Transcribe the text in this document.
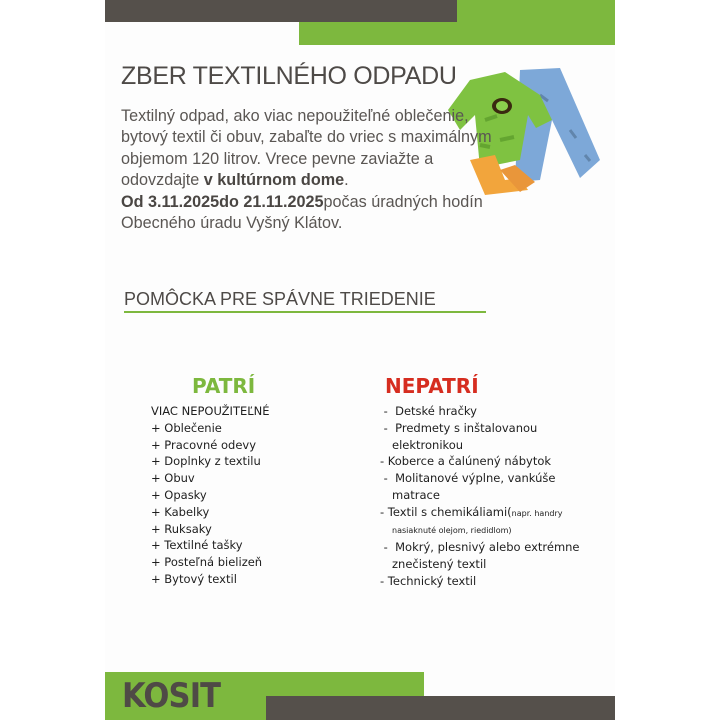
ZBER TEXTILNÉHO ODPADU
Textilný odpad, ako viac nepoužiteľné oblečenie,
bytový textil či obuv, zabaľte do vriec s maximálnym
objemom 120 litrov. Vrece pevne zaviažte a
odovzdajte v kultúrnom dome.
Od 3.11.2025do 21.11.2025počas úradných hodín
Obecného úradu Vyšný Klátov.
POMÔCKA PRE SPÁVNE TRIEDENIE
PATRÍ
VIAC NEPOUŽITEĽNÉ
+ Oblečenie
+ Pracovné odevy
+ Doplnky z textilu
+ Obuv
+ Opasky
+ Kabelky
+ Ruksaky
+ Textilné tašky
+ Posteľná bielizeň
+ Bytový textil
NEPATRÍ
-  Detské hračky
-  Predmety s inštalovanou
elektronikou
- Koberce a čalúnený nábytok
-  Molitanové výplne, vankúše
matrace
- Textil s chemikáliami(napr. handry
nasiaknuté olejom, riedidlom)
-  Mokrý, plesnivý alebo extrémne
znečistený textil
- Technický textil
KOSIT
